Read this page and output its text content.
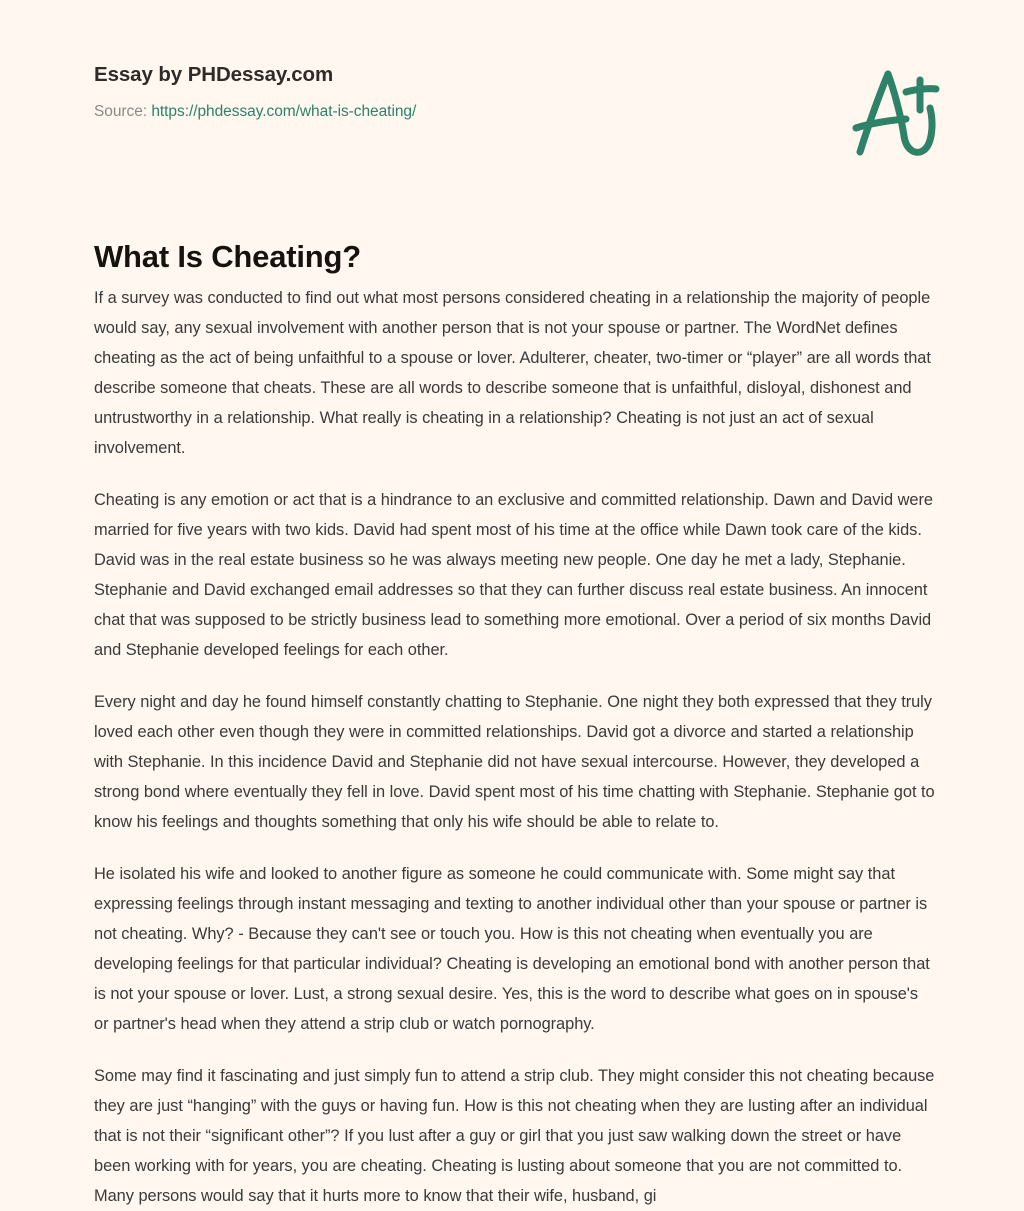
Essay by PHDessay.com
Source: https://phdessay.com/what-is-cheating/
What Is Cheating?

If a survey was conducted to find out what most persons considered cheating in a relationship the majority of people would say, any sexual involvement with another person that is not your spouse or partner. The WordNet defines cheating as the act of being unfaithful to a spouse or lover. Adulterer, cheater, two-timer or “player” are all words that describe someone that cheats. These are all words to describe someone that is unfaithful, disloyal, dishonest and untrustworthy in a relationship. What really is cheating in a relationship? Cheating is not just an act of sexual involvement.

Cheating is any emotion or act that is a hindrance to an exclusive and committed relationship. Dawn and David were married for five years with two kids. David had spent most of his time at the office while Dawn took care of the kids. David was in the real estate business so he was always meeting new people. One day he met a lady, Stephanie. Stephanie and David exchanged email addresses so that they can further discuss real estate business. An innocent chat that was supposed to be strictly business lead to something more emotional. Over a period of six months David and Stephanie developed feelings for each other.

Every night and day he found himself constantly chatting to Stephanie. One night they both expressed that they truly loved each other even though they were in committed relationships. David got a divorce and started a relationship with Stephanie. In this incidence David and Stephanie did not have sexual intercourse. However, they developed a strong bond where eventually they fell in love. David spent most of his time chatting with Stephanie. Stephanie got to know his feelings and thoughts something that only his wife should be able to relate to.

He isolated his wife and looked to another figure as someone he could communicate with. Some might say that expressing feelings through instant messaging and texting to another individual other than your spouse or partner is not cheating. Why? - Because they can't see or touch you. How is this not cheating when eventually you are developing feelings for that particular individual? Cheating is developing an emotional bond with another person that is not your spouse or lover. Lust, a strong sexual desire. Yes, this is the word to describe what goes on in spouse's or partner's head when they attend a strip club or watch pornography.

Some may find it fascinating and just simply fun to attend a strip club. They might consider this not cheating because they are just “hanging” with the guys or having fun. How is this not cheating when they are lusting after an individual that is not their “significant other”? If you lust after a guy or girl that you just saw walking down the street or have been working with for years, you are cheating. Cheating is lusting about someone that you are not committed to. Many persons would say that it hurts more to know that their wife, husband, gi
